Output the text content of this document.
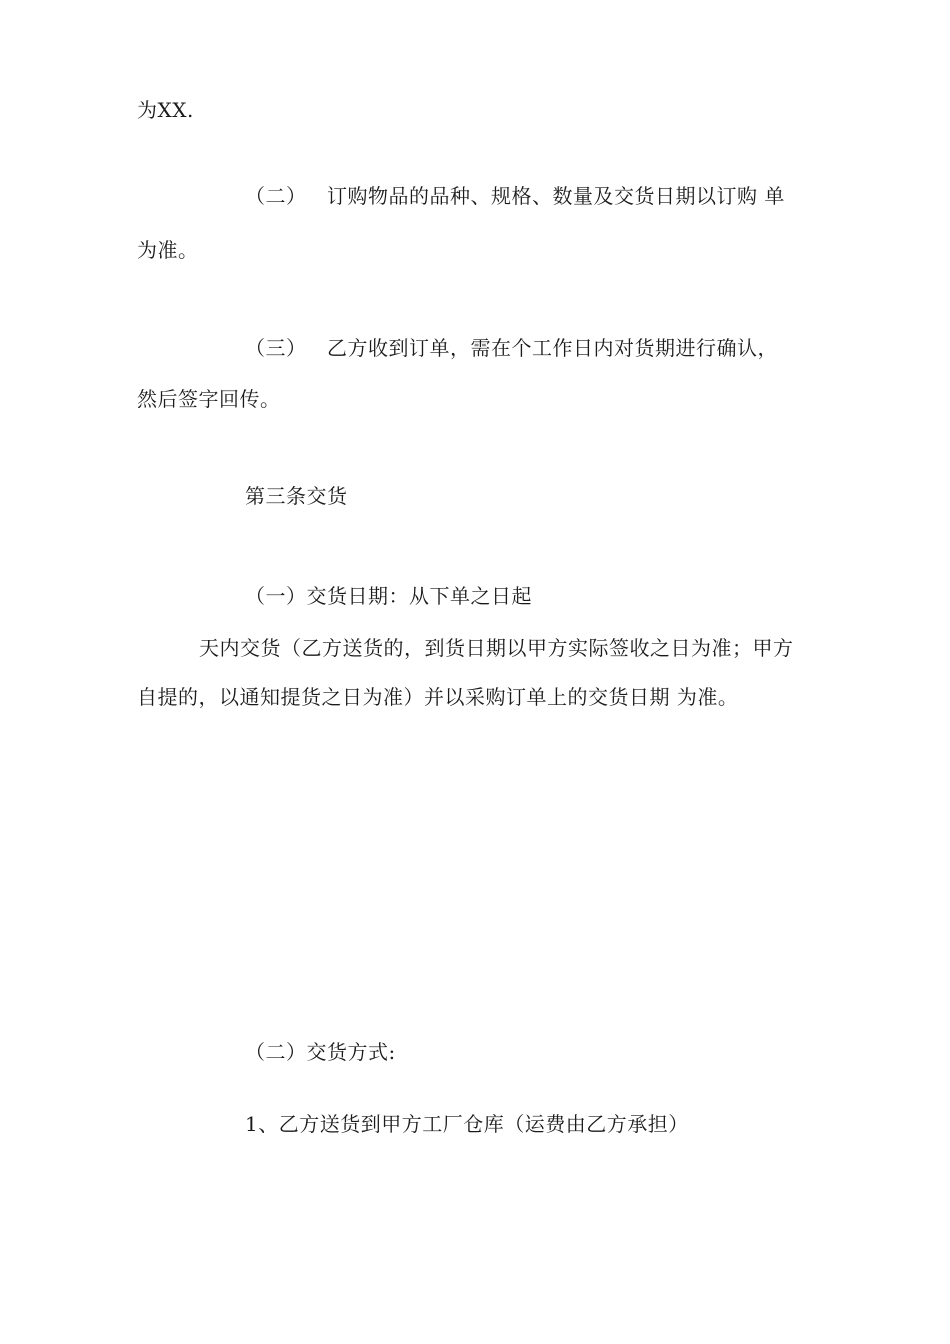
为XX.
（二） 订购物品的品种、规格、数量及交货日期以订购 单
为准。
（三） 乙方收到订单，需在个工作日内对货期进行确认，
然后签字回传。
第三条交货
（一）交货日期：从下单之日起
天内交货（乙方送货的，到货日期以甲方实际签收之日为准；甲方
自提的，以通知提货之日为准）并以采购订单上的交货日期 为准。
（二）交货方式:
1、乙方送货到甲方工厂仓库（运费由乙方承担）
